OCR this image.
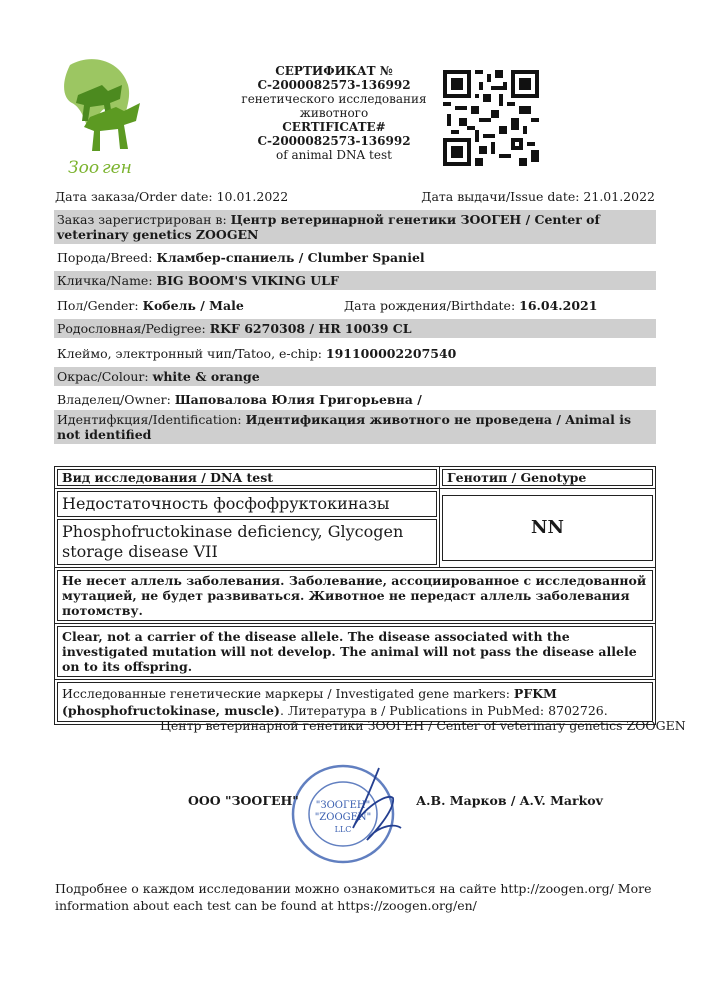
Зоо ген
СЕРТИФИКАТ №
C-2000082573-136992
генетического исследования
животного
CERTIFICATE#
C-2000082573-136992
of animal DNA test
Дата заказа/Order date: 10.01.2022	Дата выдачи/Issue date: 21.01.2022
Заказ зарегистрирован в: Центр ветеринарной генетики ЗООГЕН / Center of veterinary genetics ZOOGEN
Порода/Breed: Кламбер-спаниель / Clumber Spaniel
Кличка/Name: BIG BOOM'S VIKING ULF
Пол/Gender: Кобель / Male	Дата рождения/Birthdate: 16.04.2021
Родословная/Pedigree: RKF 6270308 / HR 10039 CL
Клеймо, электронный чип/Tatoo, e-chip: 191100002207540
Окрас/Colour: white & orange
Владелец/Owner: Шаповалова Юлия Григорьевна /
Идентифкция/Identification: Идентификация животного не проведена / Animal is not identified
Вид исследования / DNA test	Генотип / Genotype

Недостаточность фосфофруктокиназы
Phosphofructokinase deficiency, Glycogen storage disease VII	NN

Не несет аллель заболевания. Заболевание, ассоциированное с исследованной мутацией, не будет развиваться. Животное не передаст аллель заболевания потомству.	

Clear, not a carrier of the disease allele. The disease associated with the investigated mutation will not develop. The animal will not pass the disease allele on to its offspring.	

Исследованные генетические маркеры / Investigated gene markers: PFKM (phosphofructokinase, muscle). Литература в / Publications in PubMed: 8702726.	
Центр ветеринарной генетики ЗООГЕН / Center of veterinary genetics ZOOGEN
"ЗООГЕН"
"ZOOGEN"
LLC
ООО "ЗООГЕН"	А.В. Марков / A.V. Markov
Подробнее о каждом исследовании можно ознакомиться на сайте http://zoogen.org/ More information about each test can be found at https://zoogen.org/en/
